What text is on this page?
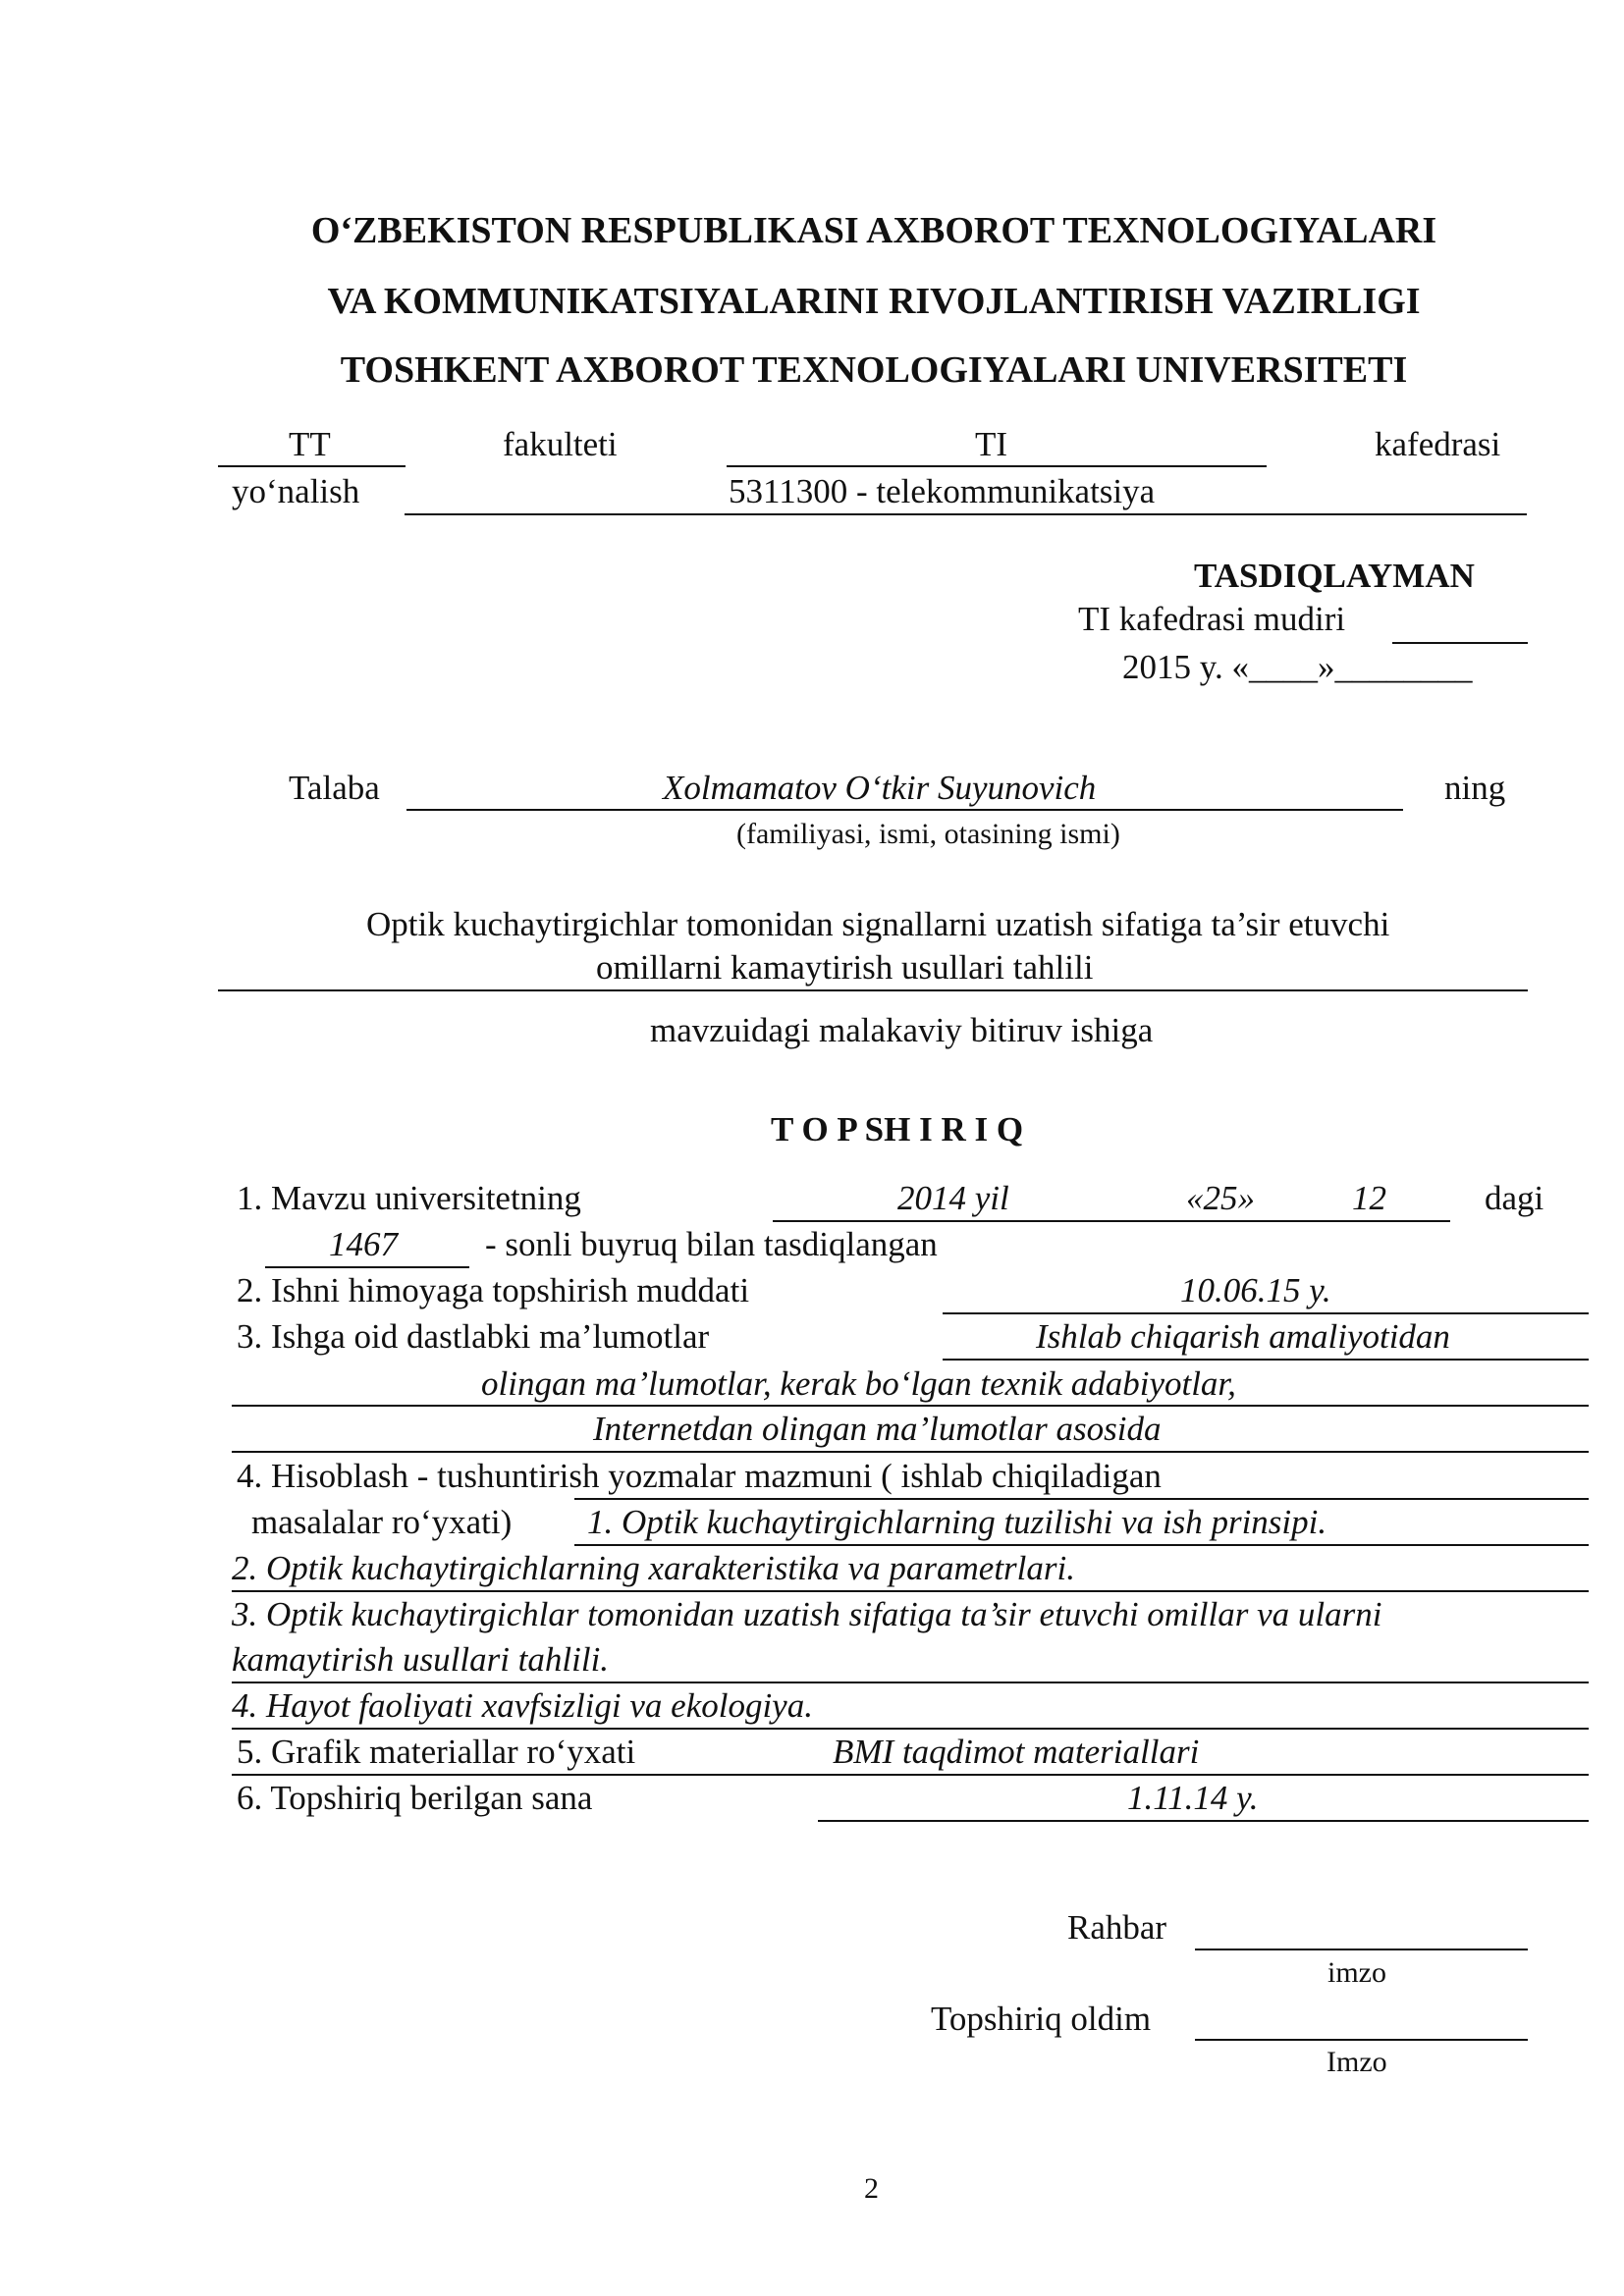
O‘ZBEKISTON RESPUBLIKASI AXBOROT TEXNOLOGIYALARI
VA KOMMUNIKATSIYALARINI RIVOJLANTIRISH VAZIRLIGI
TOSHKENT AXBOROT TEXNOLOGIYALARI UNIVERSITETI
TT	fakulteti	TI	kafedrasi
yo‘nalish	5311300 - telekommunikatsiya
TASDIQLAYMAN
TI kafedrasi mudiri
2015 y. «____»________
Talaba	Xolmamatov O‘tkir Suyunovich	ning
(familiyasi, ismi, otasining ismi)
Optik kuchaytirgichlar tomonidan signallarni uzatish sifatiga ta’sir etuvchi
omillarni kamaytirish usullari tahlili
mavzuidagi malakaviy bitiruv ishiga
T O P SH I R I Q
1. Mavzu universitetning	2014 yil	«25»	12	dagi
1467	- sonli buyruq bilan tasdiqlangan
2. Ishni himoyaga topshirish muddati	10.06.15 y.
3. Ishga oid dastlabki ma’lumotlar	Ishlab chiqarish amaliyotidan
olingan ma’lumotlar, kerak bo‘lgan texnik adabiyotlar,
Internetdan olingan ma’lumotlar asosida
4. Hisoblash - tushuntirish yozmalar mazmuni ( ishlab chiqiladigan
masalalar ro‘yxati) 1. Optik kuchaytirgichlarning tuzilishi va ish prinsipi.
2. Optik kuchaytirgichlarning xarakteristika va parametrlari.
3. Optik kuchaytirgichlar tomonidan uzatish sifatiga ta’sir etuvchi omillar va ularni
kamaytirish usullari tahlili.
4. Hayot faoliyati xavfsizligi va ekologiya.
5. Grafik materiallar ro‘yxati	BMI taqdimot materiallari
6. Topshiriq berilgan sana	1.11.14 y.
Rahbar
imzo
Topshiriq oldim
Imzo
2
